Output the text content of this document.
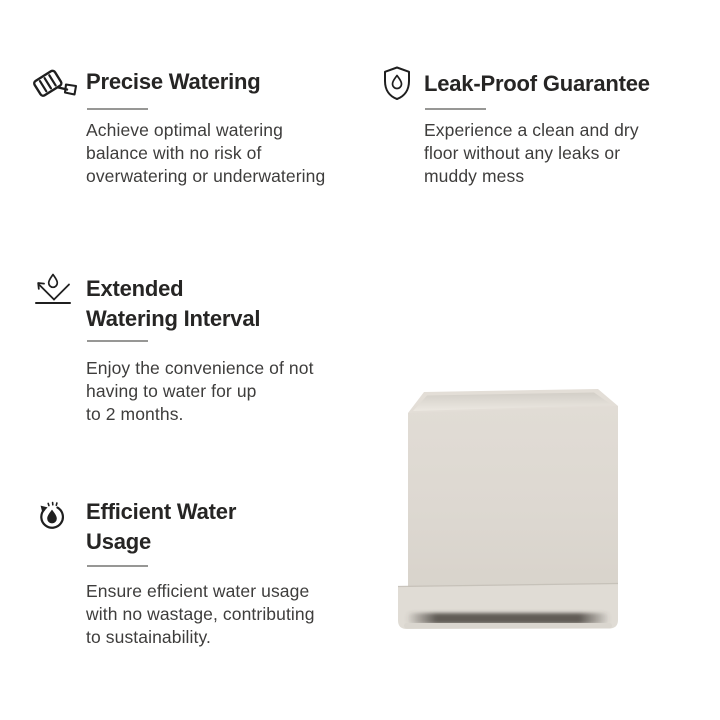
Precise Watering

Achieve optimal watering
balance with no risk of
overwatering or underwatering

Leak-Proof Guarantee

Experience a clean and dry
floor without any leaks or
muddy mess

Extended
Watering Interval

Enjoy the convenience of not
having to water for up
to 2 months.

Efficient Water
Usage

Ensure efficient water usage
with no wastage, contributing
to sustainability.
